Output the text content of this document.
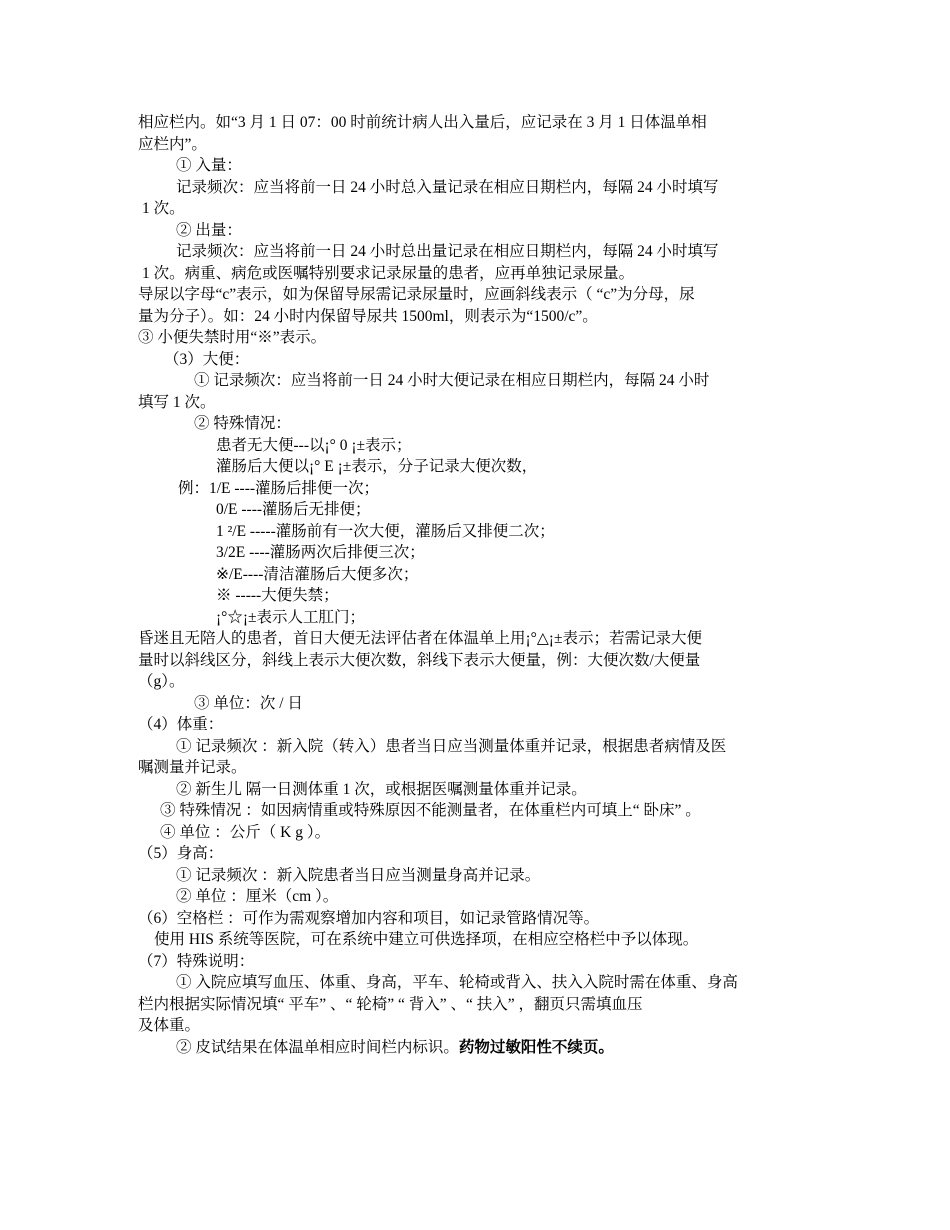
相应栏内。如“3 月 1 日 07：00 时前统计病人出入量后，应记录在 3 月 1 日体温单相
应栏内”。
① 入量：
记录频次：应当将前一日 24 小时总入量记录在相应日期栏内，每隔 24 小时填写
1 次。
② 出量：
记录频次：应当将前一日 24 小时总出量记录在相应日期栏内，每隔 24 小时填写
1 次。病重、病危或医嘱特别要求记录尿量的患者，应再单独记录尿量。
导尿以字母“c”表示，如为保留导尿需记录尿量时，应画斜线表示（ “c”为分母，尿
量为分子）。如：24 小时内保留导尿共 1500ml，则表示为“1500/c”。
③ 小便失禁时用“※”表示。
（3）大便：
① 记录频次：应当将前一日 24 小时大便记录在相应日期栏内，每隔 24 小时
填写 1 次。
② 特殊情况：
患者无大便---以¡° 0 ¡±表示；
灌肠后大便以¡° E ¡±表示，分子记录大便次数，
例：1/E ----灌肠后排便一次；
0/E ----灌肠后无排便；
1 ²/E -----灌肠前有一次大便，灌肠后又排便二次；
3/2E ----灌肠两次后排便三次；
※/E----清洁灌肠后大便多次；
※ -----大便失禁；
¡°☆¡±表示人工肛门；
昏迷且无陪人的患者，首日大便无法评估者在体温单上用¡°△¡±表示；若需记录大便
量时以斜线区分，斜线上表示大便次数，斜线下表示大便量，例：大便次数/大便量
（g）。
③ 单位：次 / 日
（4）体重：
① 记录频次 ：新入院（转入）患者当日应当测量体重并记录，根据患者病情及医
嘱测量并记录。
② 新生儿 隔一日测体重 1 次，或根据医嘱测量体重并记录。
③ 特殊情况 ：如因病情重或特殊原因不能测量者，在体重栏内可填上“ 卧床” 。
④ 单位 ：公斤（ K g ）。
（5）身高：
① 记录频次 ：新入院患者当日应当测量身高并记录。
② 单位 ：厘米（cm ）。
（6）空格栏 ：可作为需观察增加内容和项目，如记录管路情况等。
使用 HIS 系统等医院，可在系统中建立可供选择项，在相应空格栏中予以体现。
（7）特殊说明：
① 入院应填写血压、体重、身高，平车、轮椅或背入、扶入入院时需在体重、身高
栏内根据实际情况填“ 平车” 、“ 轮椅” “ 背入” 、“ 扶入” ，翻页只需填血压
及体重。
② 皮试结果在体温单相应时间栏内标识。药物过敏阳性不续页。
